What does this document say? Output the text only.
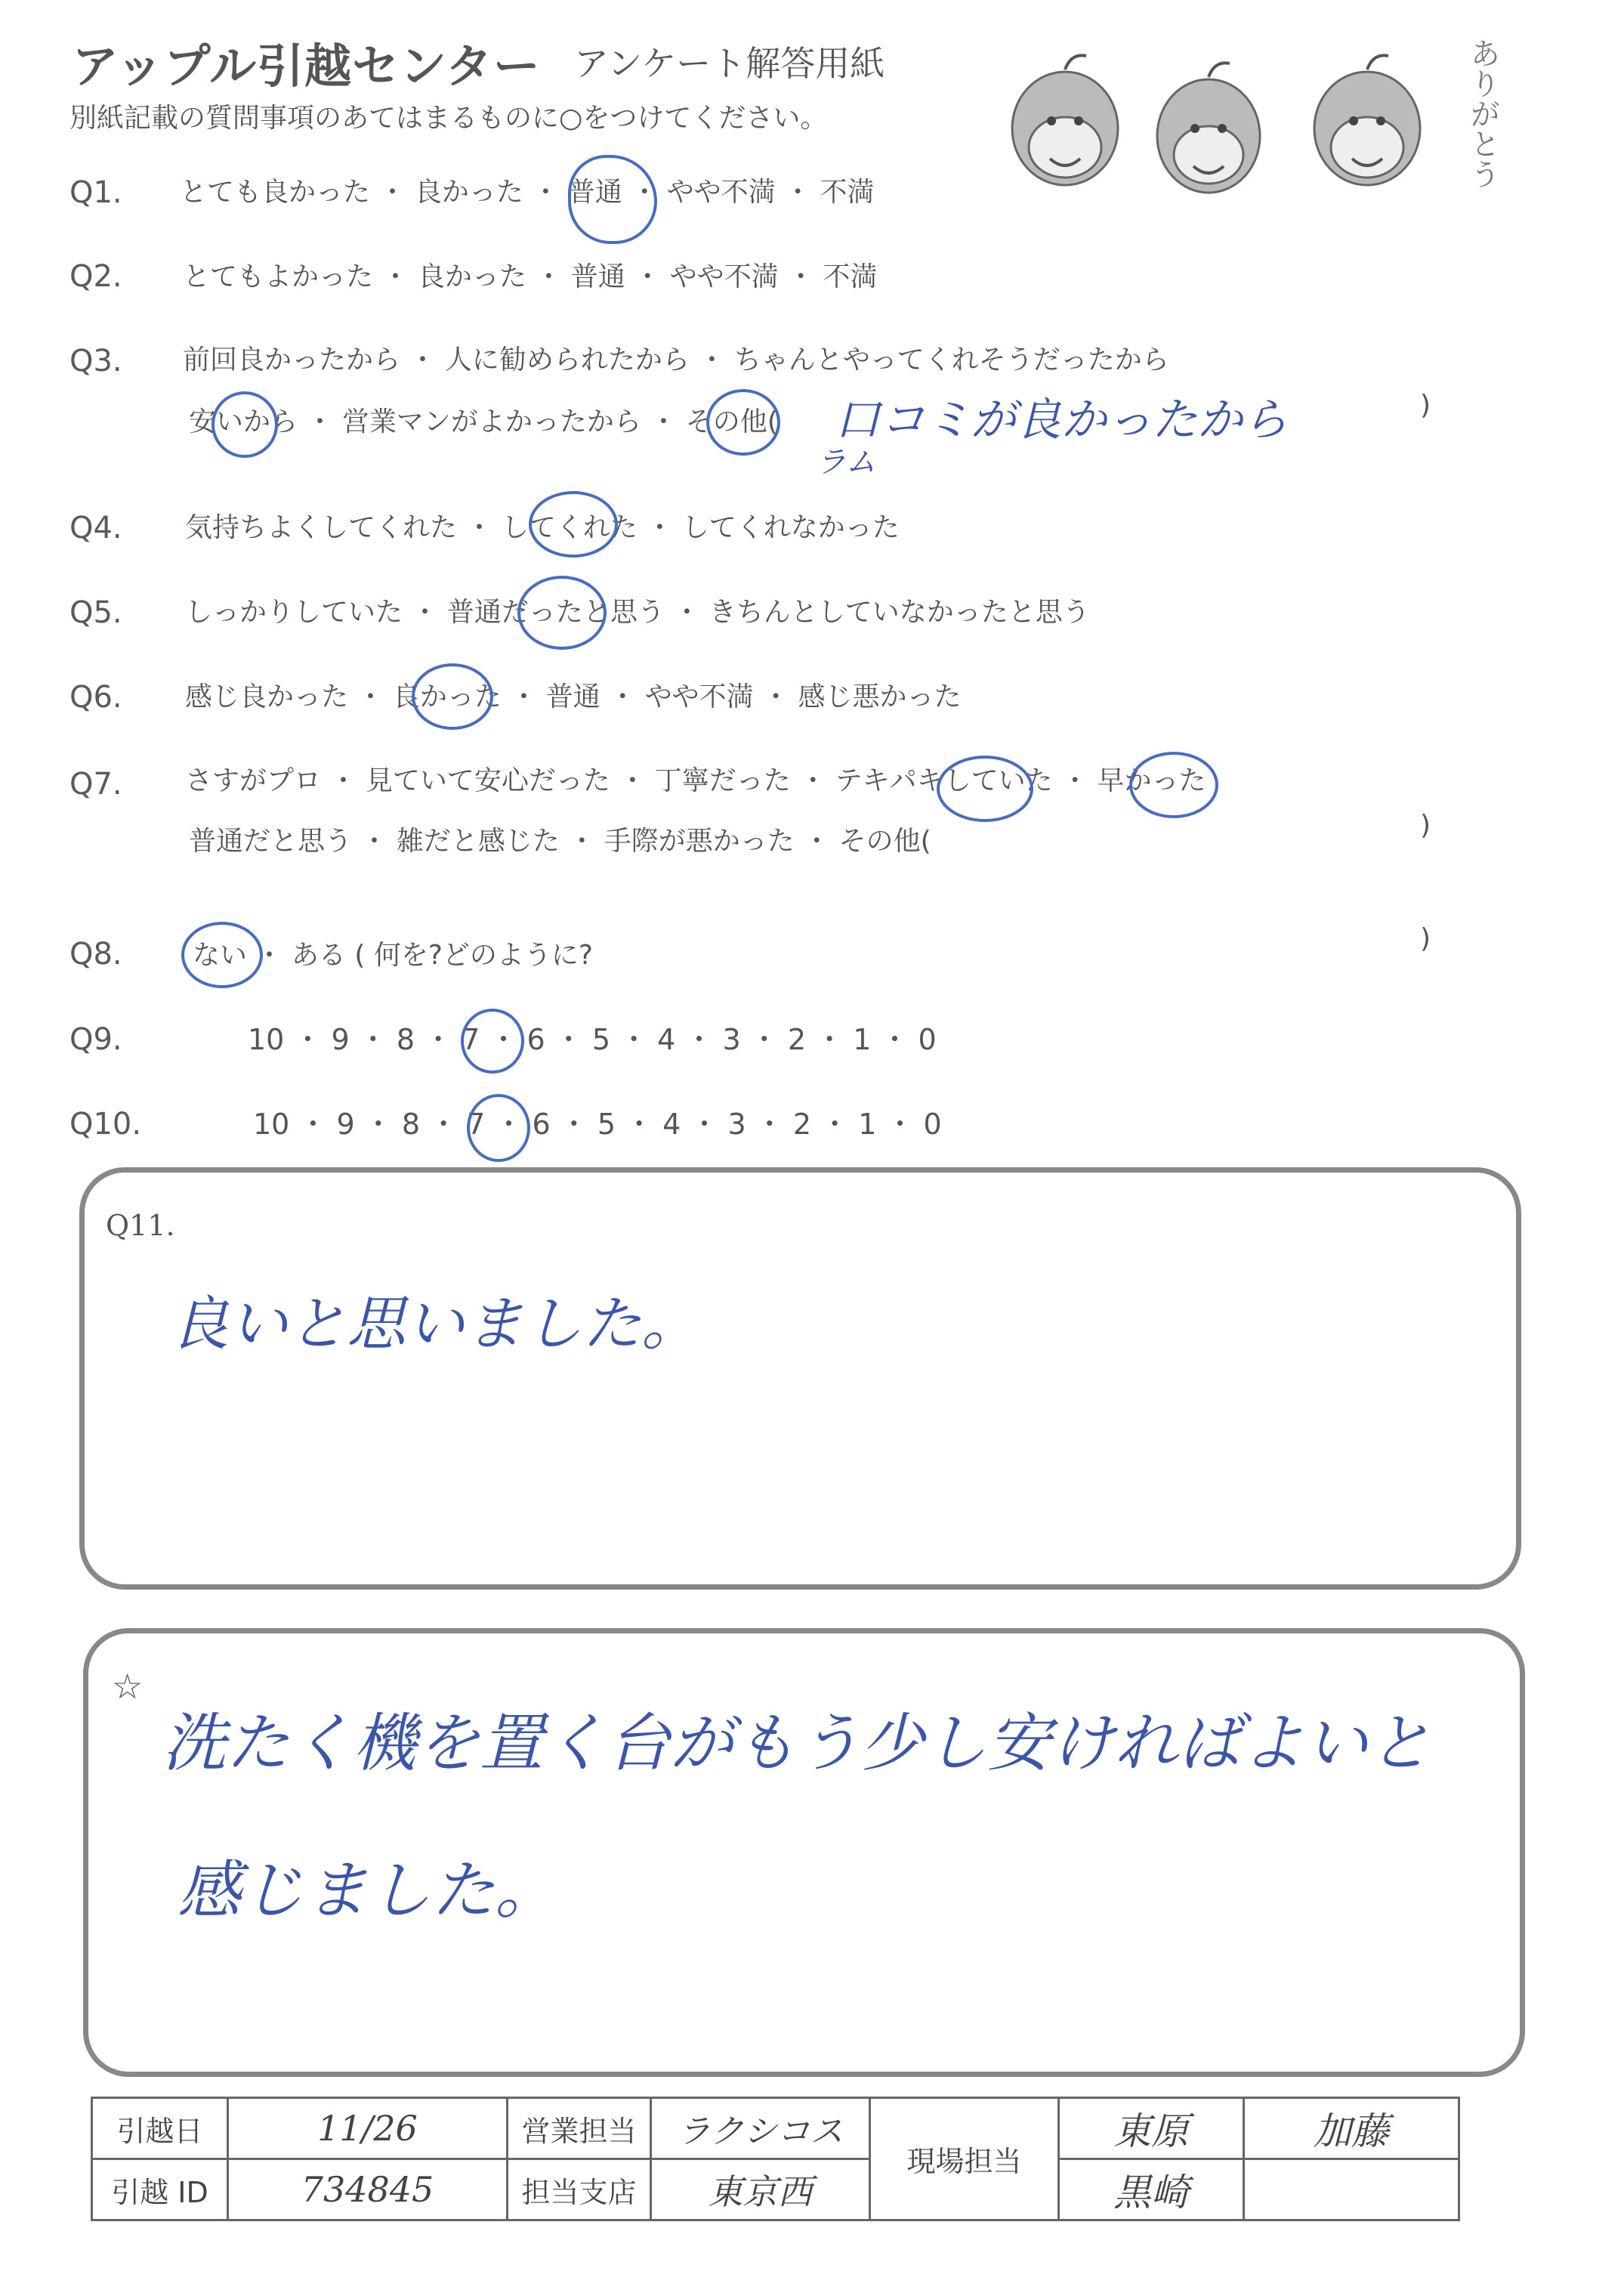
アップル引越センター アンケート解答用紙
別紙記載の質問事項のあてはまるものに○をつけてください。	ありがとう
Q1. とても良かった ・ 良かった ・ 普通 ・ やや不満 ・ 不満
Q2. とてもよかった ・ 良かった ・ 普通 ・ やや不満 ・ 不満
Q3. 前回良かったから ・ 人に勧められたから ・ ちゃんとやってくれそうだったから
安いから ・ 営業マンがよかったから ・ その他(
)
口コミが良かったから
ラム
Q4. 気持ちよくしてくれた ・ してくれた ・ してくれなかった
Q5. しっかりしていた ・ 普通だったと思う ・ きちんとしていなかったと思う
Q6. 感じ良かった ・ 良かった ・ 普通 ・ やや不満 ・ 感じ悪かった
Q7. さすがプロ ・ 見ていて安心だった ・ 丁寧だった ・ テキパキしていた ・ 早かった
普通だと思う ・ 雑だと感じた ・ 手際が悪かった ・ その他(
)
Q8.	ない ・ ある ( 何を?どのように?
)
Q9.	10 ・ 9 ・ 8 ・ 7 ・ 6 ・ 5 ・ 4 ・ 3 ・ 2 ・ 1 ・ 0
Q10.	10 ・ 9 ・ 8 ・ 7 ・ 6 ・ 5 ・ 4 ・ 3 ・ 2 ・ 1 ・ 0
Q11.
良いと思いました。
☆
洗たく機を置く台がもう少し安ければよいと
感じました。
引越日	11/26	営業担当	ラクシコス	現場担当	東原	加藤
引越 ID	734845	担当支店	東京西		黒崎	
